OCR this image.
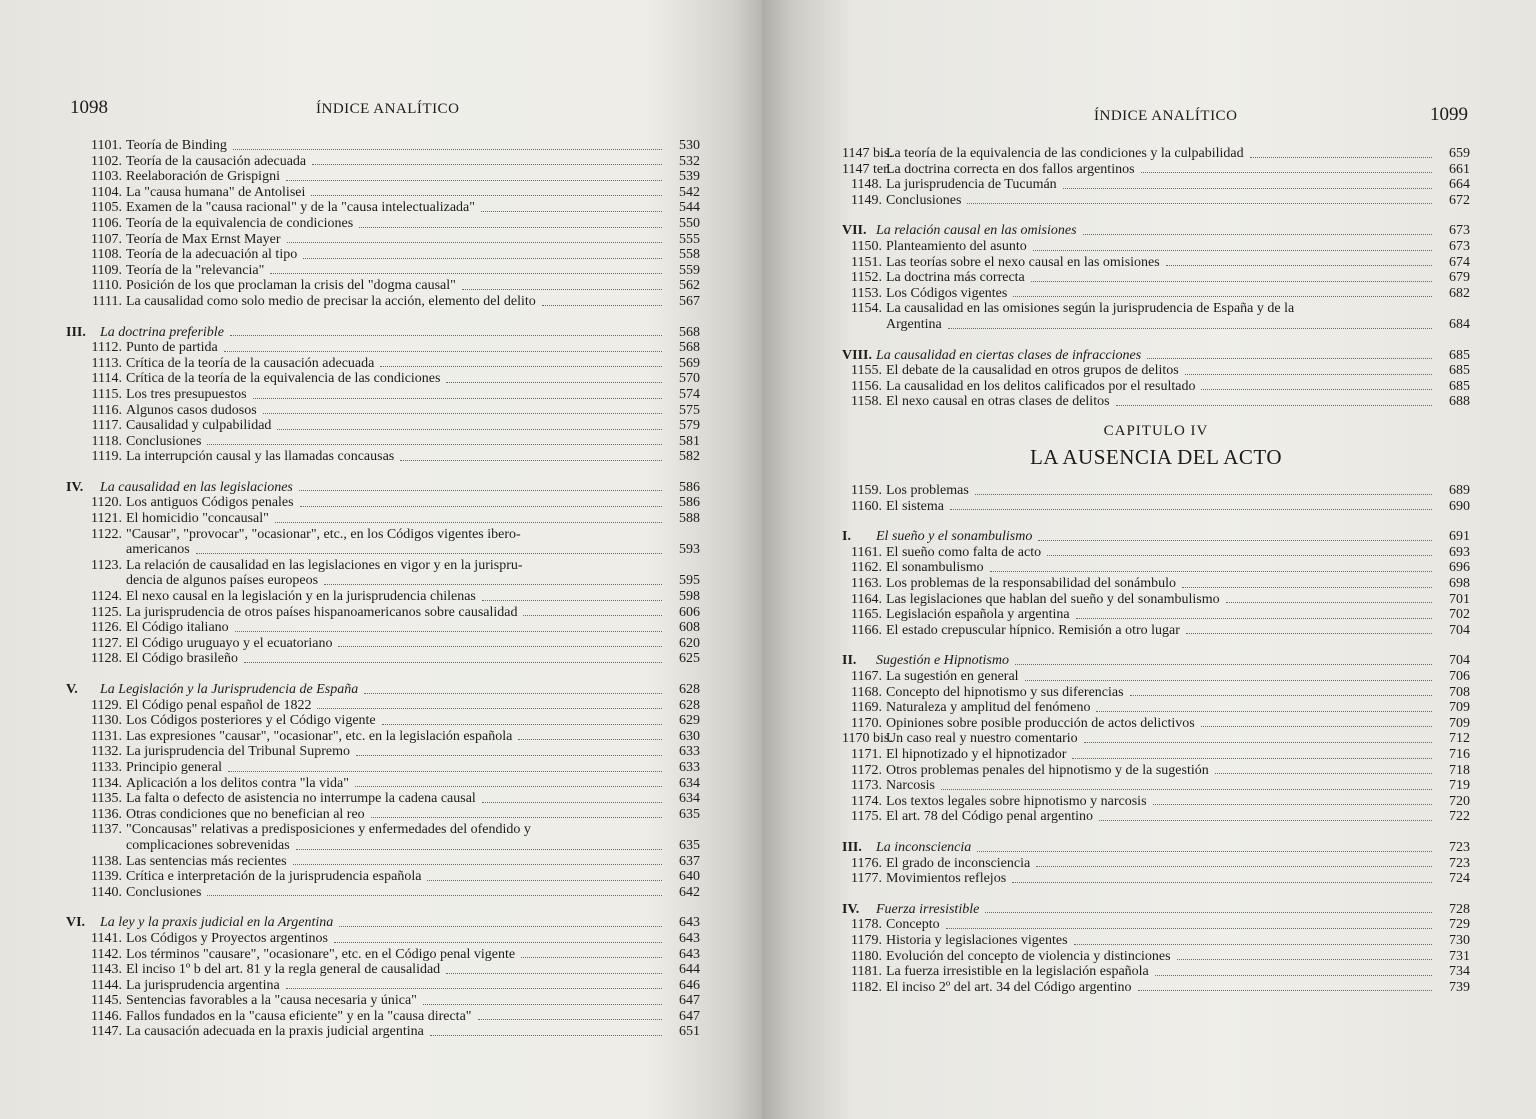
1098	ÍNDICE ANALÍTICO
1101. Teoría de Binding	530
1102. Teoría de la causación adecuada	532
1103. Reelaboración de Grispigni	539
1104. La "causa humana" de Antolisei	542
1105. Examen de la "causa racional" y de la "causa intelectualizada"	544
1106. Teoría de la equivalencia de condiciones	550
1107. Teoría de Max Ernst Mayer	555
1108. Teoría de la adecuación al tipo	558
1109. Teoría de la "relevancia"	559
1110. Posición de los que proclaman la crisis del "dogma causal"	562
1111. La causalidad como solo medio de precisar la acción, elemento del delito	567
III.	La doctrina preferible	568
1112. Punto de partida	568
1113. Crítica de la teoría de la causación adecuada	569
1114. Crítica de la teoría de la equivalencia de las condiciones	570
1115. Los tres presupuestos	574
1116. Algunos casos dudosos	575
1117. Causalidad y culpabilidad	579
1118. Conclusiones	581
1119. La interrupción causal y las llamadas concausas	582
IV.	La causalidad en las legislaciones	586
1120. Los antiguos Códigos penales	586
1121. El homicidio "concausal"	588
1122. "Causar", "provocar", "ocasionar", etc., en los Códigos vigentes ibero-
americanos	593
1123. La relación de causalidad en las legislaciones en vigor y en la jurispru-
dencia de algunos países europeos	595
1124. El nexo causal en la legislación y en la jurisprudencia chilenas	598
1125. La jurisprudencia de otros países hispanoamericanos sobre causalidad	606
1126. El Código italiano	608
1127. El Código uruguayo y el ecuatoriano	620
1128. El Código brasileño	625
V.	La Legislación y la Jurisprudencia de España	628
1129. El Código penal español de 1822	628
1130. Los Códigos posteriores y el Código vigente	629
1131. Las expresiones "causar", "ocasionar", etc. en la legislación española	630
1132. La jurisprudencia del Tribunal Supremo	633
1133. Principio general	633
1134. Aplicación a los delitos contra "la vida"	634
1135. La falta o defecto de asistencia no interrumpe la cadena causal	634
1136. Otras condiciones que no benefician al reo	635
1137. "Concausas" relativas a predisposiciones y enfermedades del ofendido y
complicaciones sobrevenidas	635
1138. Las sentencias más recientes	637
1139. Crítica e interpretación de la jurisprudencia española	640
1140. Conclusiones	642
VI.	La ley y la praxis judicial en la Argentina	643
1141. Los Códigos y Proyectos argentinos	643
1142. Los términos "causare", "ocasionare", etc. en el Código penal vigente	643
1143. El inciso 1º b del art. 81 y la regla general de causalidad	644
1144. La jurisprudencia argentina	646
1145. Sentencias favorables a la "causa necesaria y única"	647
1146. Fallos fundados en la "causa eficiente" y en la "causa directa"	647
1147. La causación adecuada en la praxis judicial argentina	651
ÍNDICE ANALÍTICO	1099
1147 bis.
La teoría de la equivalencia de las condiciones y la culpabilidad	659
1147 ter.
La doctrina correcta en dos fallos argentinos	661
1148. La jurisprudencia de Tucumán	664
1149. Conclusiones	672
VII. La relación causal en las omisiones	673
1150. Planteamiento del asunto	673
1151. Las teorías sobre el nexo causal en las omisiones	674
1152. La doctrina más correcta	679
1153. Los Códigos vigentes	682
1154. La causalidad en las omisiones según la jurisprudencia de España y de la
Argentina	684
VIII. La causalidad en ciertas clases de infracciones	685
1155. El debate de la causalidad en otros grupos de delitos	685
1156. La causalidad en los delitos calificados por el resultado	685
1158. El nexo causal en otras clases de delitos	688
CAPITULO IV
LA AUSENCIA DEL ACTO
1159. Los problemas	689
1160. El sistema	690
I.	El sueño y el sonambulismo	691
1161. El sueño como falta de acto	693
1162. El sonambulismo	696
1163. Los problemas de la responsabilidad del sonámbulo	698
1164. Las legislaciones que hablan del sueño y del sonambulismo	701
1165. Legislación española y argentina	702
1166. El estado crepuscular hípnico. Remisión a otro lugar	704
II.	Sugestión e Hipnotismo	704
1167. La sugestión en general	706
1168. Concepto del hipnotismo y sus diferencias	708
1169. Naturaleza y amplitud del fenómeno	709
1170. Opiniones sobre posible producción de actos delictivos	709
1170 bis.
Un caso real y nuestro comentario	712
1171. El hipnotizado y el hipnotizador	716
1172. Otros problemas penales del hipnotismo y de la sugestión	718
1173. Narcosis	719
1174. Los textos legales sobre hipnotismo y narcosis	720
1175. El art. 78 del Código penal argentino	722
III.	La inconsciencia	723
1176. El grado de inconsciencia	723
1177. Movimientos reflejos	724
IV.	Fuerza irresistible	728
1178. Concepto	729
1179. Historia y legislaciones vigentes	730
1180. Evolución del concepto de violencia y distinciones	731
1181. La fuerza irresistible en la legislación española	734
1182. El inciso 2º del art. 34 del Código argentino	739
